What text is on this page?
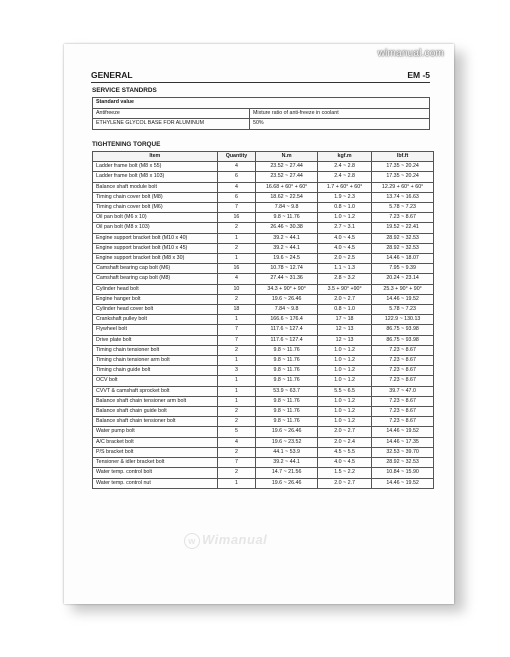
wimanual.com
GENERAL	EM -5
SERVICE STANDRDS
Standard value	
Antifreeze	Mixture ratio of anti-freeze in coolant
ETHYLENE GLYCOL BASE FOR ALUMINUM	50%
TIGHTENING TORQUE
Item	Quantity	N.m	kgf.m	lbf.ft
Ladder frame bolt (M8 x 55)	4	23.52 ~ 27.44	2.4 ~ 2.8	17.35 ~ 20.24
Ladder frame bolt (M8 x 103)	6	23.52 ~ 27.44	2.4 ~ 2.8	17.35 ~ 20.24
Balance shaft module bolt	4	16.68 + 60° + 60°	1.7 + 60° + 60°	12.29 + 60° + 60°
Timing chain cover bolt (M8)	6	18.62 ~ 22.54	1.9 ~ 2.3	13.74 ~ 16.63
Timing chain cover bolt (M6)	7	7.84 ~ 9.8	0.8 ~ 1.0	5.78 ~ 7.23
Oil pan bolt (M6 x 10)	16	9.8 ~ 11.76	1.0 ~ 1.2	7.23 ~ 8.67
Oil pan bolt (M8 x 103)	2	26.46 ~ 30.38	2.7 ~ 3.1	19.52 ~ 22.41
Engine support bracket bolt (M10 x 40)	1	39.2 ~ 44.1	4.0 ~ 4.5	28.92 ~ 32.53
Engine support bracket bolt (M10 x 45)	2	39.2 ~ 44.1	4.0 ~ 4.5	28.92 ~ 32.53
Engine support bracket bolt (M8 x 30)	1	19.6 ~ 24.5	2.0 ~ 2.5	14.46 ~ 18.07
Camshaft bearing cap bolt (M6)	16	10.78 ~ 12.74	1.1 ~ 1.3	7.95 ~ 9.39
Camshaft bearing cap bolt (M8)	4	27.44 ~ 31.36	2.8 ~ 3.2	20.24 ~ 23.14
Cylinder head bolt	10	34.3 + 90° + 90°	3.5 + 90° +90°	25.3 + 90° + 90°
Engine hanger bolt	2	19.6 ~ 26.46	2.0 ~ 2.7	14.46 ~ 19.52
Cylinder head cover bolt	18	7.84 ~ 9.8	0.8 ~ 1.0	5.78 ~ 7.23
Crankshaft pulley bolt	1	166.6 ~ 176.4	17 ~ 18	122.9 ~ 130.13
Flywheel bolt	7	117.6 ~ 127.4	12 ~ 13	86.75 ~ 93.98
Drive plate bolt	7	117.6 ~ 127.4	12 ~ 13	86.75 ~ 93.98
Timing chain tensioner bolt	2	9.8 ~ 11.76	1.0 ~ 1.2	7.23 ~ 8.67
Timing chain tensioner arm bolt	1	9.8 ~ 11.76	1.0 ~ 1.2	7.23 ~ 8.67
Timing chain guide bolt	3	9.8 ~ 11.76	1.0 ~ 1.2	7.23 ~ 8.67
OCV bolt	1	9.8 ~ 11.76	1.0 ~ 1.2	7.23 ~ 8.67
CVVT & camshaft sprocket bolt	1	53.9 ~ 63.7	5.5 ~ 6.5	39.7 ~ 47.0
Balance shaft chain tensioner arm bolt	1	9.8 ~ 11.76	1.0 ~ 1.2	7.23 ~ 8.67
Balance shaft chain guide bolt	2	9.8 ~ 11.76	1.0 ~ 1.2	7.23 ~ 8.67
Balance shaft chain tensioner bolt	2	9.8 ~ 11.76	1.0 ~ 1.2	7.23 ~ 8.67
Water pump bolt	5	19.6 ~ 26.46	2.0 ~ 2.7	14.46 ~ 19.52
A/C bracket bolt	4	19.6 ~ 23.52	2.0 ~ 2.4	14.46 ~ 17.35
P/S bracket bolt	2	44.1 ~ 53.9	4.5 ~ 5.5	32.53 ~ 39.70
Tensioner & idler bracket bolt	7	39.2 ~ 44.1	4.0 ~ 4.5	28.92 ~ 32.53
Water temp. control bolt	2	14.7 ~ 21.56	1.5 ~ 2.2	10.84 ~ 15.90
Water temp. control nut	1	19.6 ~ 26.46	2.0 ~ 2.7	14.46 ~ 19.52
w Wimanual
